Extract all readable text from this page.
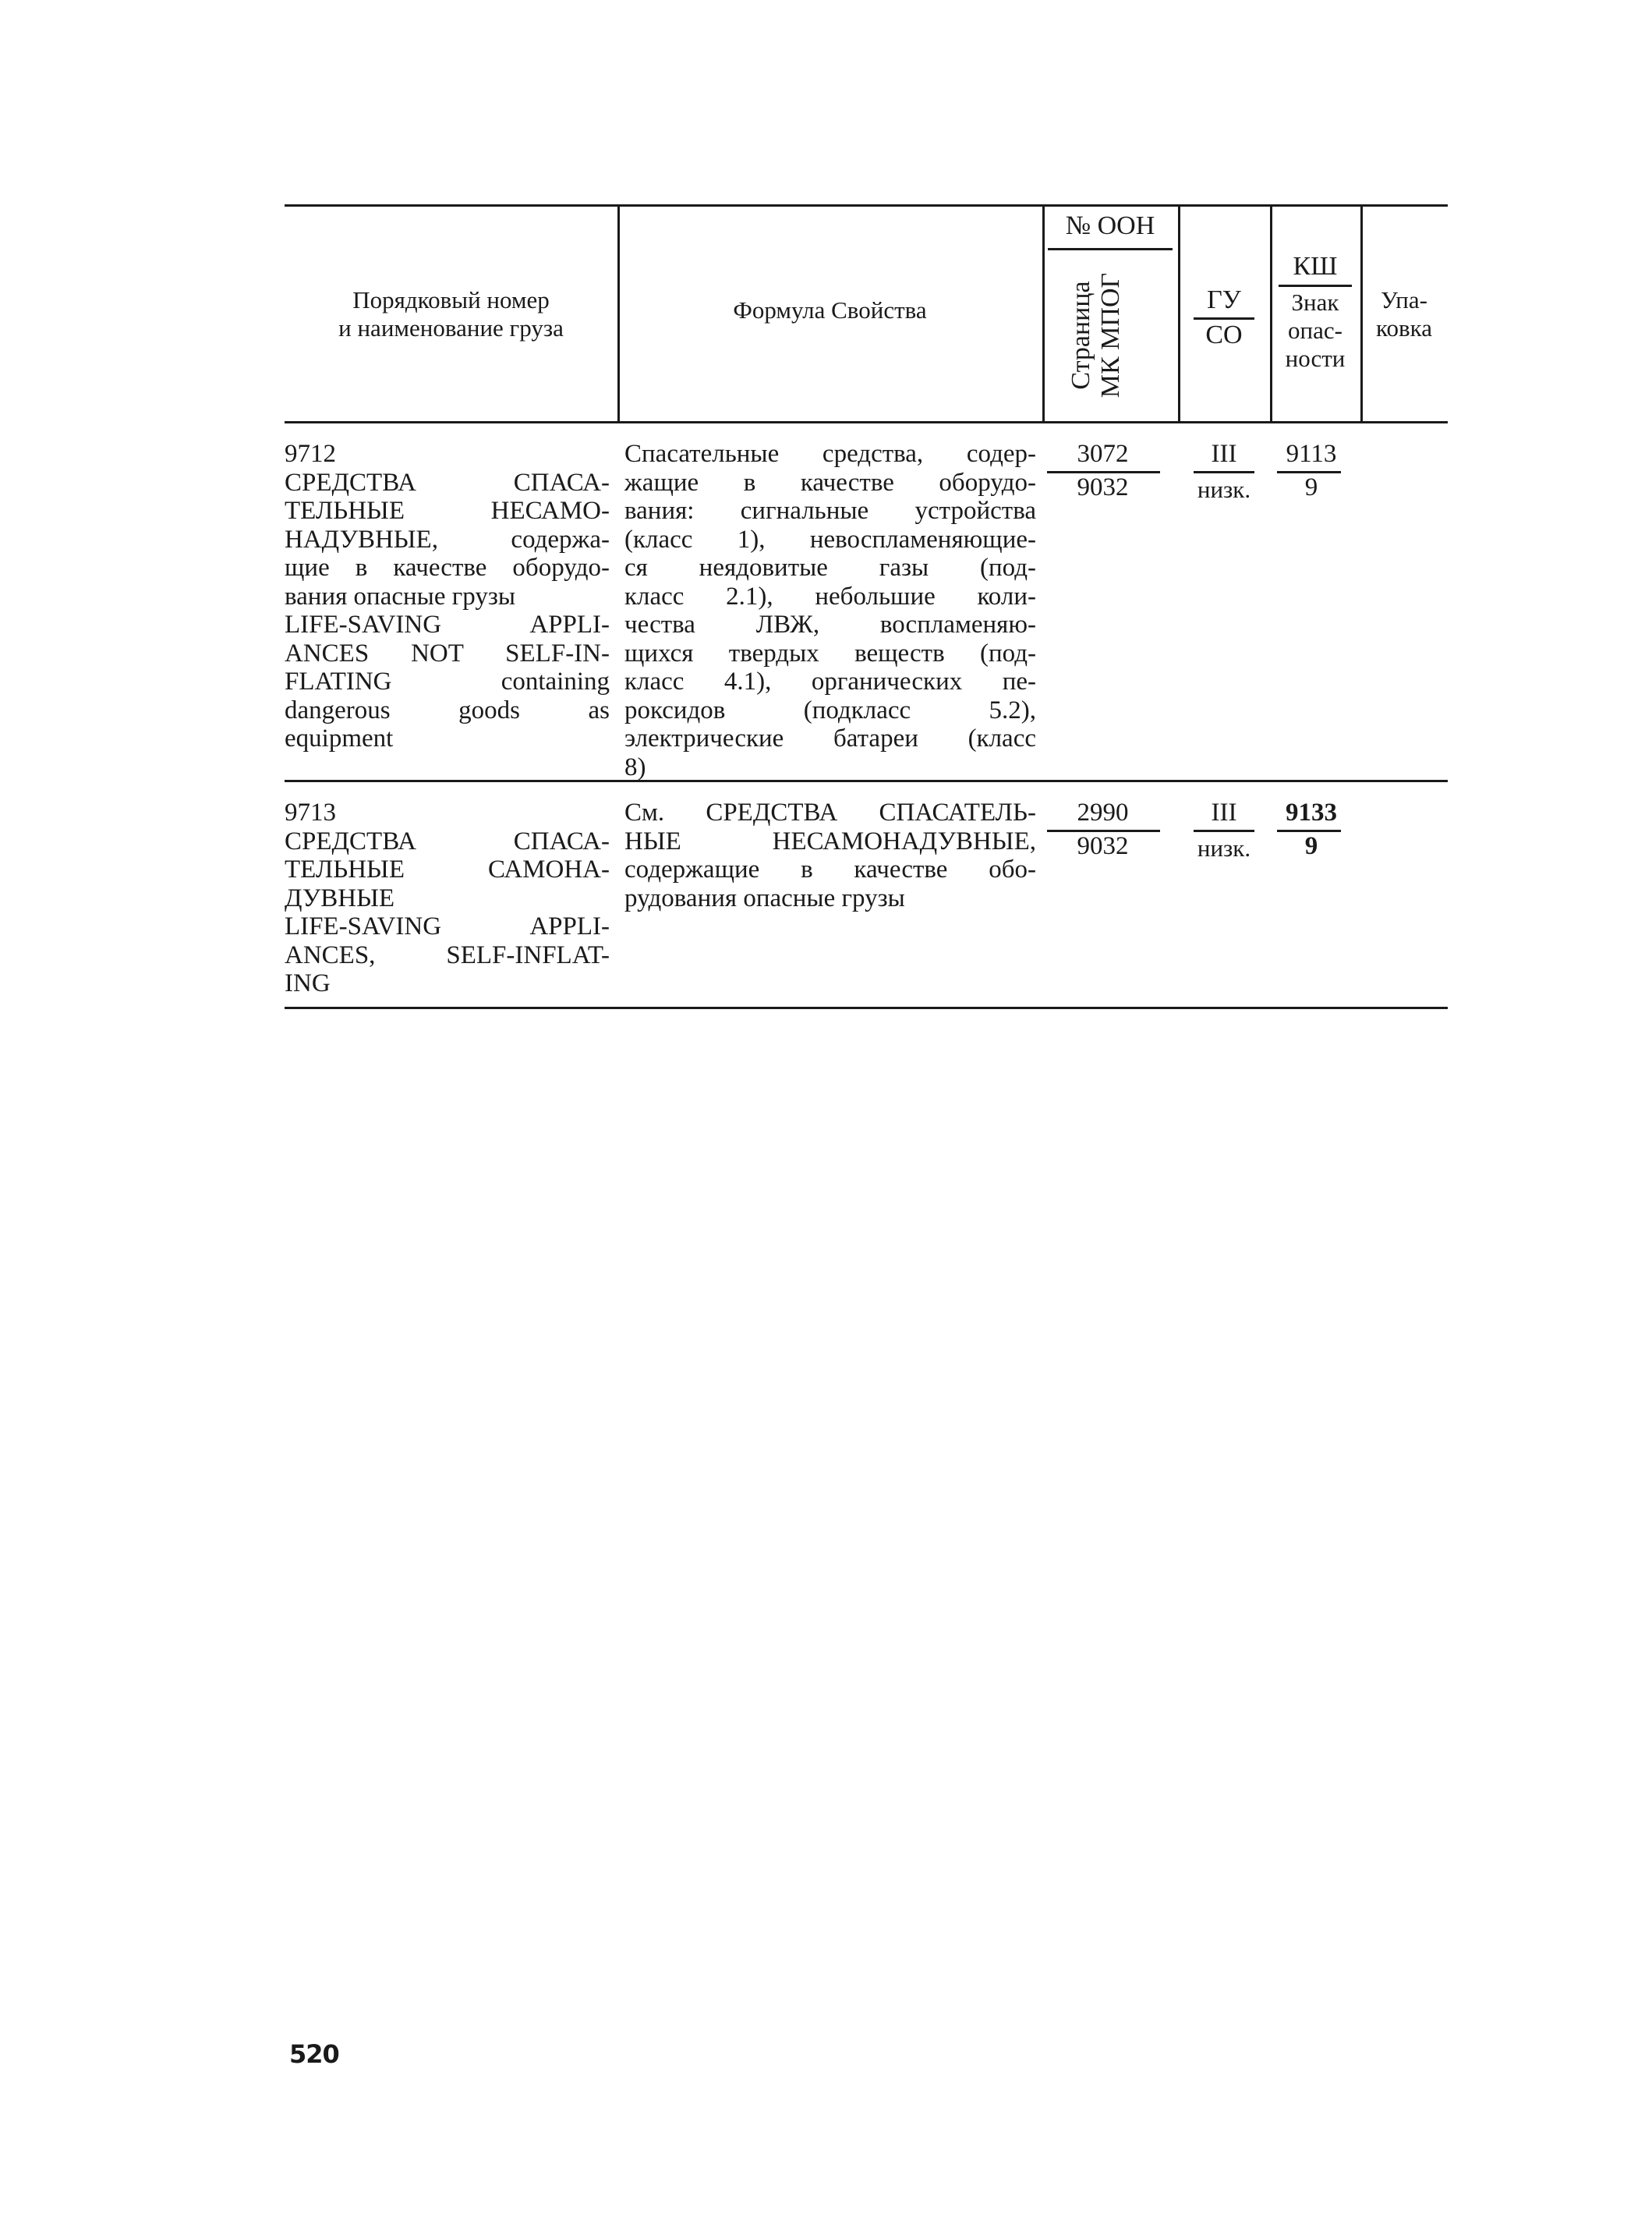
Порядковый номер
и наименование груза
Формула Свойства
№ ООН
Страница МК МПОГ	ГУ
СО
КШ
Знак
опас-
ности
Упа-
ковка
9712
СРЕДСТВА СПАСА-
ТЕЛЬНЫЕ НЕСАМО-
НАДУВНЫЕ, содержа-
щие в качестве оборудо-
вания опасные грузы
LIFE-SAVING APPLI-
ANCES NOT SELF-IN-
FLATING containing
dangerous goods as
equipment
Спасательные средства, содер-
жащие в качестве оборудо-
вания: сигнальные устройства
(класс 1), невоспламеняющие-
ся неядовитые газы (под-
класс 2.1), небольшие коли-
чества ЛВЖ, воспламеняю-
щихся твердых веществ (под-
класс 4.1), органических пе-
роксидов (подкласс 5.2),
электрические батареи (класс
8)
3072
9032
III
низк.
9113
9
9713
СРЕДСТВА СПАСА-
ТЕЛЬНЫЕ САМОНА-
ДУВНЫЕ
LIFE-SAVING APPLI-
ANCES, SELF-INFLAT-
ING
См. СРЕДСТВА СПАСАТЕЛЬ-
НЫЕ НЕСАМОНАДУВНЫЕ,
содержащие в качестве обо-
рудования опасные грузы
2990
9032
III
низк.
9133
9
520
